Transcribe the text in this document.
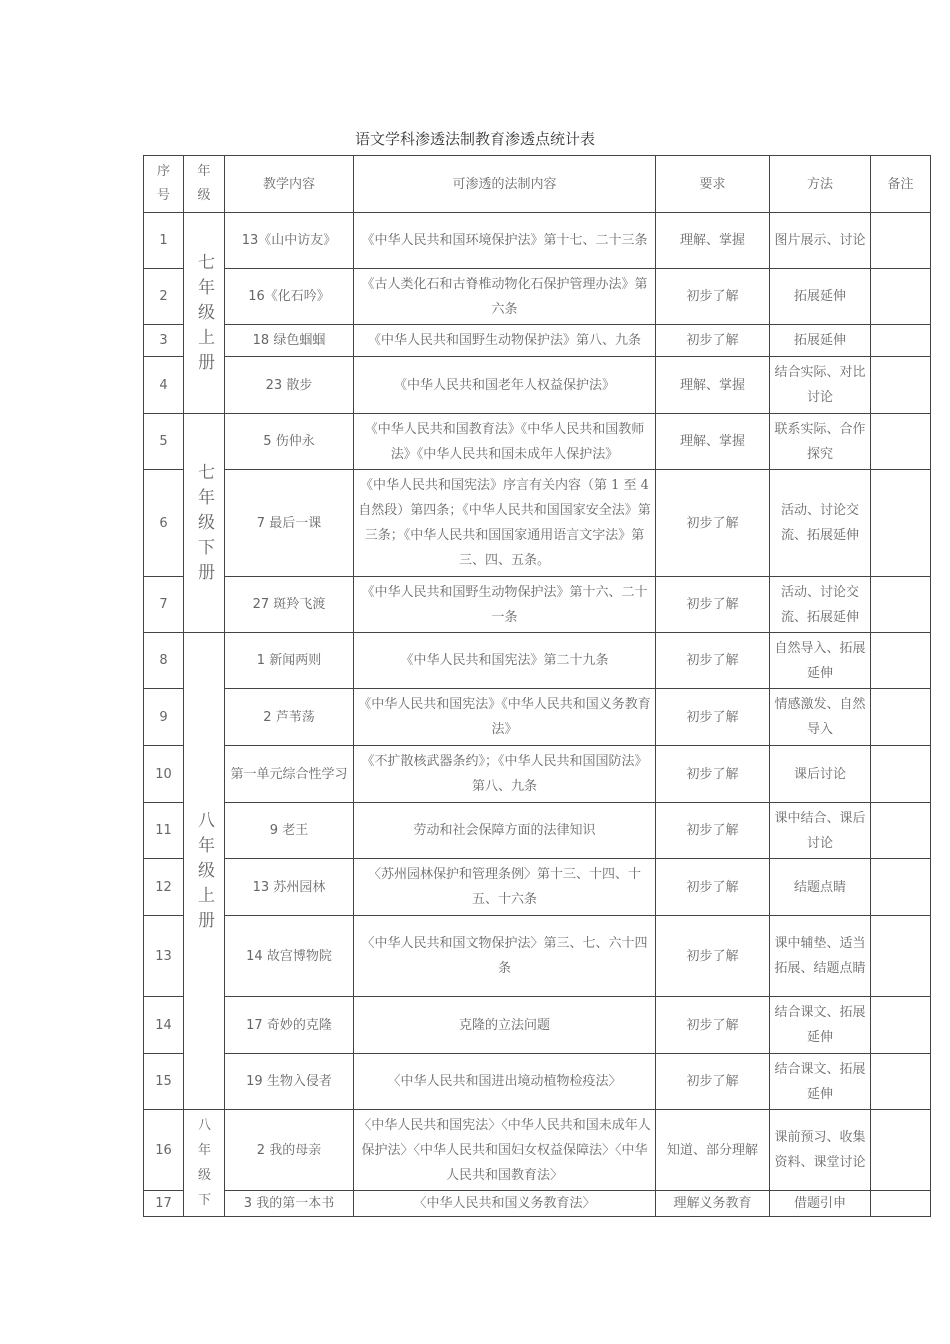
语文学科渗透法制教育渗透点统计表
序号	年级	教学内容	可渗透的法制内容	要求	方法	备注
1	七年级上册	13《山中访友》	《中华人民共和国环境保护法》第十七、二十三条	理解、掌握	图片展示、讨论	
2		16《化石吟》	《古人类化石和古脊椎动物化石保护管理办法》第六条	初步了解	拓展延伸	
3		18 绿色蝈蝈	《中华人民共和国野生动物保护法》第八、九条	初步了解	拓展延伸	
4		23 散步	《中华人民共和国老年人权益保护法》	理解、掌握	结合实际、对比讨论	
5	七年级下册	5 伤仲永	《中华人民共和国教育法》《中华人民共和国教师法》《中华人民共和国未成年人保护法》	理解、掌握	联系实际、合作探究	
6		7 最后一课	《中华人民共和国宪法》序言有关内容（第 1 至 4 自然段）第四条；《中华人民共和国国家安全法》第三条；《中华人民共和国国家通用语言文字法》第三、四、五条。	初步了解	活动、讨论交流、拓展延伸	
7		27 斑羚飞渡	《中华人民共和国野生动物保护法》第十六、二十一条	初步了解	活动、讨论交流、拓展延伸	
8	八年级上册	1 新闻两则	《中华人民共和国宪法》第二十九条	初步了解	自然导入、拓展延伸	
9		2 芦苇荡	《中华人民共和国宪法》《中华人民共和国义务教育法》	初步了解	情感激发、自然导入	
10		第一单元综合性学习	《不扩散核武器条约》；《中华人民共和国国防法》第八、九条	初步了解	课后讨论	
11		9 老王	劳动和社会保障方面的法律知识	初步了解	课中结合、课后讨论	
12		13 苏州园林	〈苏州园林保护和管理条例〉第十三、十四、十五、十六条	初步了解	结题点睛	
13		14 故宫博物院	〈中华人民共和国文物保护法〉第三、七、六十四条	初步了解	课中辅垫、适当拓展、结题点睛	
14		17 奇妙的克隆	克隆的立法问题	初步了解	结合课文、拓展延伸	
15		19 生物入侵者	〈中华人民共和国进出境动植物检疫法〉	初步了解	结合课文、拓展延伸	
16	八年级下	2 我的母亲	〈中华人民共和国宪法〉〈中华人民共和国未成年人保护法〉〈中华人民共和国妇女权益保障法〉〈中华人民共和国教育法〉	知道、部分理解	课前预习、收集资料、课堂讨论	
17		3 我的第一本书	〈中华人民共和国义务教育法〉	理解义务教育	借题引申	
